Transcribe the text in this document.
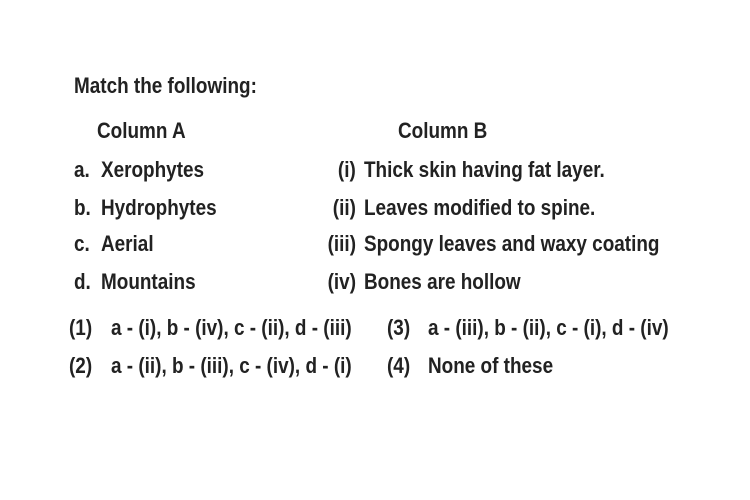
Match the following:
Column A	Column B
a. Xerophytes	(i) Thick skin having fat layer.
b. Hydrophytes	(ii) Leaves modified to spine.
c. Aerial	(iii) Spongy leaves and waxy coating
d. Mountains	(iv) Bones are hollow
(1) a - (i), b - (iv), c - (ii), d - (iii)
(2) a - (ii), b - (iii), c - (iv), d - (i)
(3) a - (iii), b - (ii), c - (i), d - (iv)
(4) None of these
